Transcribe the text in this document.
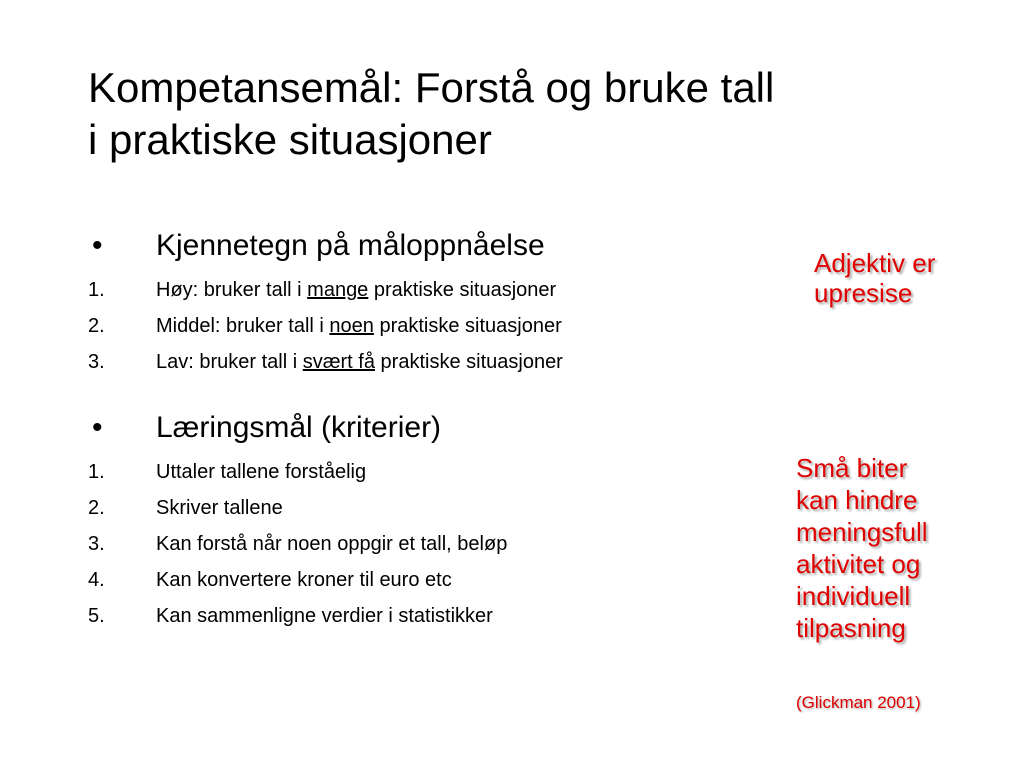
Kompetansemål: Forstå og bruke tall
i praktiske situasjoner
•	Kjennetegn på måloppnåelse
1.	Høy: bruker tall i mange praktiske situasjoner
2.	Middel: bruker tall i noen praktiske situasjoner
3.	Lav: bruker tall i svært få praktiske situasjoner
•	Læringsmål (kriterier)
1.	Uttaler tallene forståelig
2.	Skriver tallene
3.	Kan forstå når noen oppgir et tall, beløp
4.	Kan konvertere kroner til euro etc
5.	Kan sammenligne verdier i statistikker
Adjektiv er
upresise
Små biter
kan hindre
meningsfull
aktivitet og
individuell
tilpasning
(Glickman 2001)
